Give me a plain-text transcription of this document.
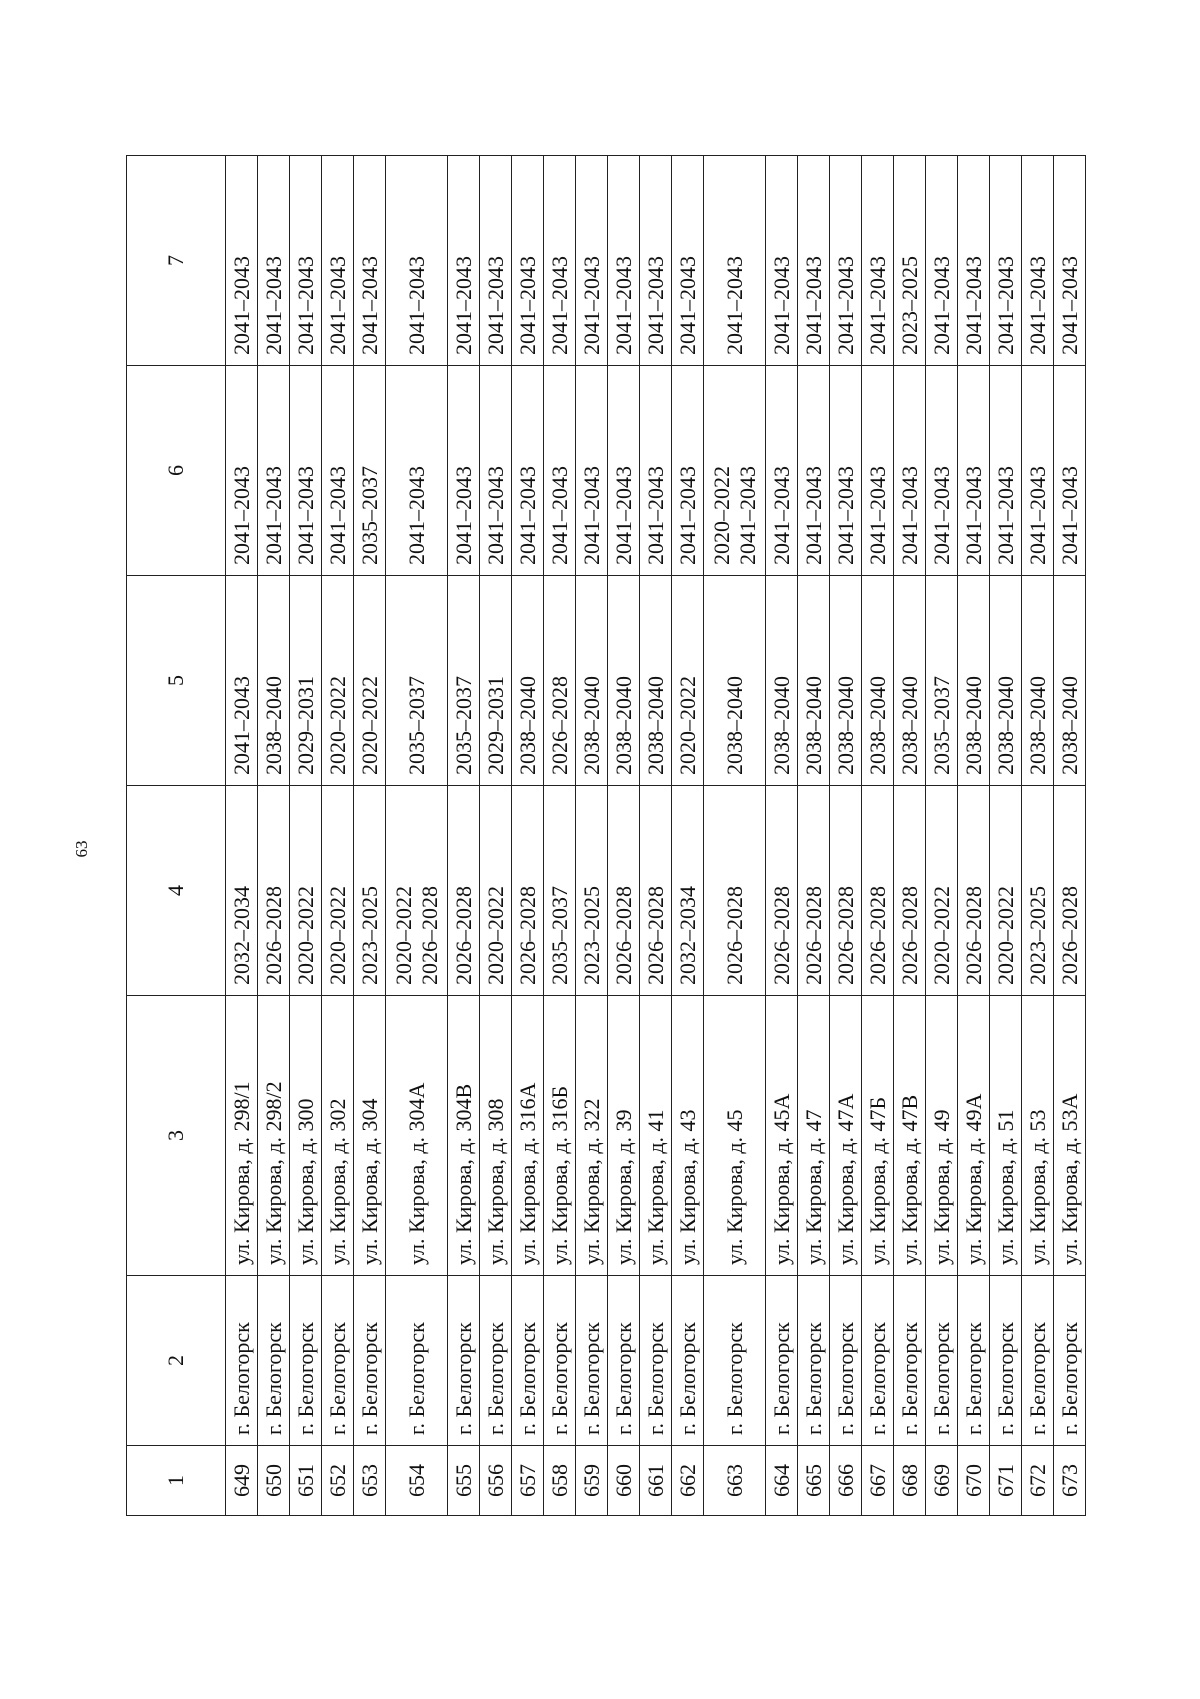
63
1	2	3	4	5	6	7
649	г. Белогорск	ул. Кирова, д. 298/1	2032–2034	2041–2043	2041–2043	2041–2043
650	г. Белогорск	ул. Кирова, д. 298/2	2026–2028	2038–2040	2041–2043	2041–2043
651	г. Белогорск	ул. Кирова, д. 300	2020–2022	2029–2031	2041–2043	2041–2043
652	г. Белогорск	ул. Кирова, д. 302	2020–2022	2020–2022	2041–2043	2041–2043
653	г. Белогорск	ул. Кирова, д. 304	2023–2025	2020–2022	2035–2037	2041–2043
654	г. Белогорск	ул. Кирова, д. 304А	2020–2022 2026–2028	2035–2037	2041–2043	2041–2043
655	г. Белогорск	ул. Кирова, д. 304В	2026–2028	2035–2037	2041–2043	2041–2043
656	г. Белогорск	ул. Кирова, д. 308	2020–2022	2029–2031	2041–2043	2041–2043
657	г. Белогорск	ул. Кирова, д. 316А	2026–2028	2038–2040	2041–2043	2041–2043
658	г. Белогорск	ул. Кирова, д. 316Б	2035–2037	2026–2028	2041–2043	2041–2043
659	г. Белогорск	ул. Кирова, д. 322	2023–2025	2038–2040	2041–2043	2041–2043
660	г. Белогорск	ул. Кирова, д. 39	2026–2028	2038–2040	2041–2043	2041–2043
661	г. Белогорск	ул. Кирова, д. 41	2026–2028	2038–2040	2041–2043	2041–2043
662	г. Белогорск	ул. Кирова, д. 43	2032–2034	2020–2022	2041–2043	2041–2043
663	г. Белогорск	ул. Кирова, д. 45	2026–2028	2038–2040	2020–2022 2041–2043	2041–2043
664	г. Белогорск	ул. Кирова, д. 45А	2026–2028	2038–2040	2041–2043	2041–2043
665	г. Белогорск	ул. Кирова, д. 47	2026–2028	2038–2040	2041–2043	2041–2043
666	г. Белогорск	ул. Кирова, д. 47А	2026–2028	2038–2040	2041–2043	2041–2043
667	г. Белогорск	ул. Кирова, д. 47Б	2026–2028	2038–2040	2041–2043	2041–2043
668	г. Белогорск	ул. Кирова, д. 47В	2026–2028	2038–2040	2041–2043	2023–2025
669	г. Белогорск	ул. Кирова, д. 49	2020–2022	2035–2037	2041–2043	2041–2043
670	г. Белогорск	ул. Кирова, д. 49А	2026–2028	2038–2040	2041–2043	2041–2043
671	г. Белогорск	ул. Кирова, д. 51	2020–2022	2038–2040	2041–2043	2041–2043
672	г. Белогорск	ул. Кирова, д. 53	2023–2025	2038–2040	2041–2043	2041–2043
673	г. Белогорск	ул. Кирова, д. 53А	2026–2028	2038–2040	2041–2043	2041–2043
